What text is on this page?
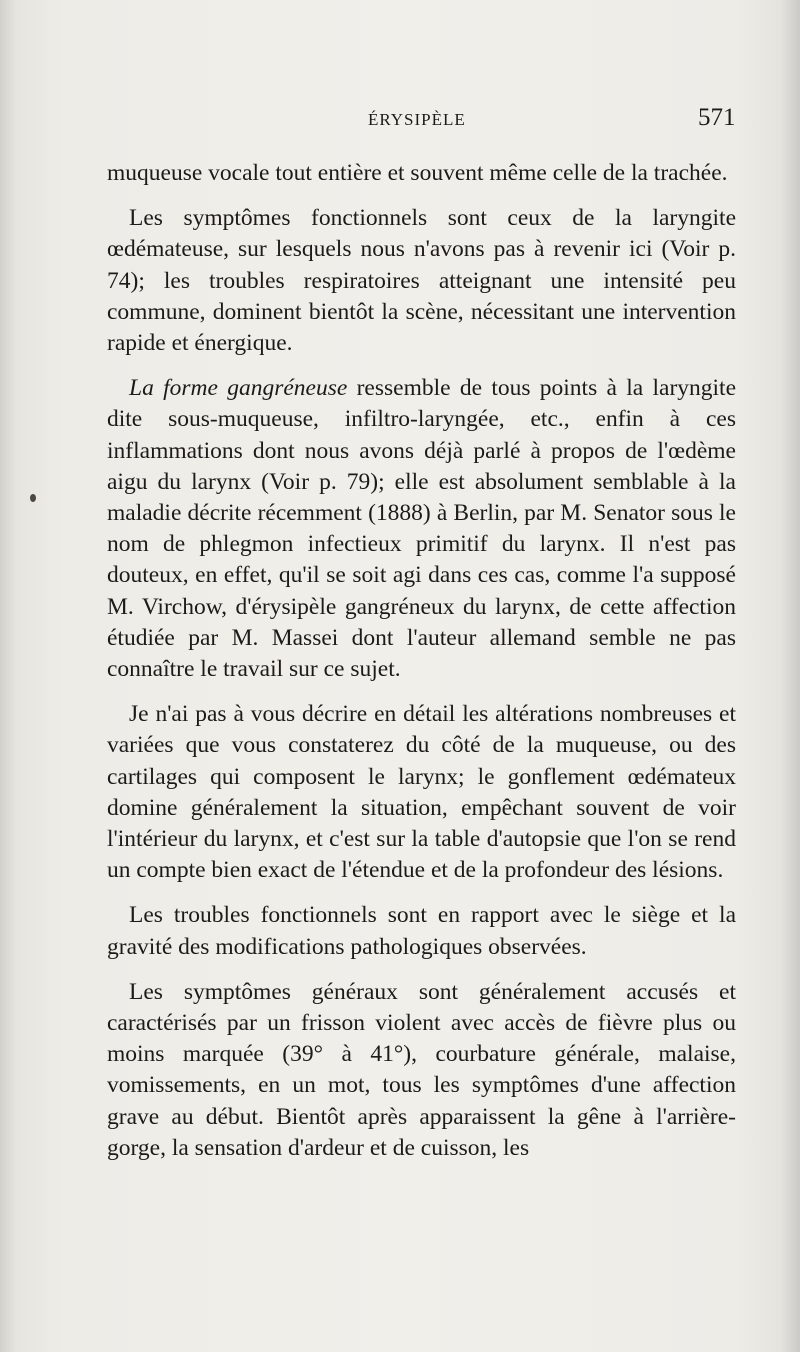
ÉRYSIPÈLE	571

muqueuse vocale tout entière et souvent même celle de la trachée.

Les symptômes fonctionnels sont ceux de la laryngite œdémateuse, sur lesquels nous n'avons pas à revenir ici (Voir p. 74); les troubles respiratoires atteignant une intensité peu commune, dominent bientôt la scène, nécessitant une intervention rapide et énergique.

La forme gangréneuse ressemble de tous points à la laryngite dite sous-muqueuse, infiltro-laryngée, etc., enfin à ces inflammations dont nous avons déjà parlé à propos de l'œdème aigu du larynx (Voir p. 79); elle est absolument semblable à la maladie décrite récemment (1888) à Berlin, par M. Senator sous le nom de phlegmon infectieux primitif du larynx. Il n'est pas douteux, en effet, qu'il se soit agi dans ces cas, comme l'a supposé M. Virchow, d'érysipèle gangréneux du larynx, de cette affection étudiée par M. Massei dont l'auteur allemand semble ne pas connaître le travail sur ce sujet.

Je n'ai pas à vous décrire en détail les altérations nombreuses et variées que vous constaterez du côté de la muqueuse, ou des cartilages qui composent le larynx; le gonflement œdémateux domine généralement la situation, empêchant souvent de voir l'intérieur du larynx, et c'est sur la table d'autopsie que l'on se rend un compte bien exact de l'étendue et de la profondeur des lésions.

Les troubles fonctionnels sont en rapport avec le siège et la gravité des modifications pathologiques observées.

Les symptômes généraux sont généralement accusés et caractérisés par un frisson violent avec accès de fièvre plus ou moins marquée (39° à 41°), courbature générale, malaise, vomissements, en un mot, tous les symptômes d'une affection grave au début. Bientôt après apparaissent la gêne à l'arrière-gorge, la sensation d'ardeur et de cuisson, les
